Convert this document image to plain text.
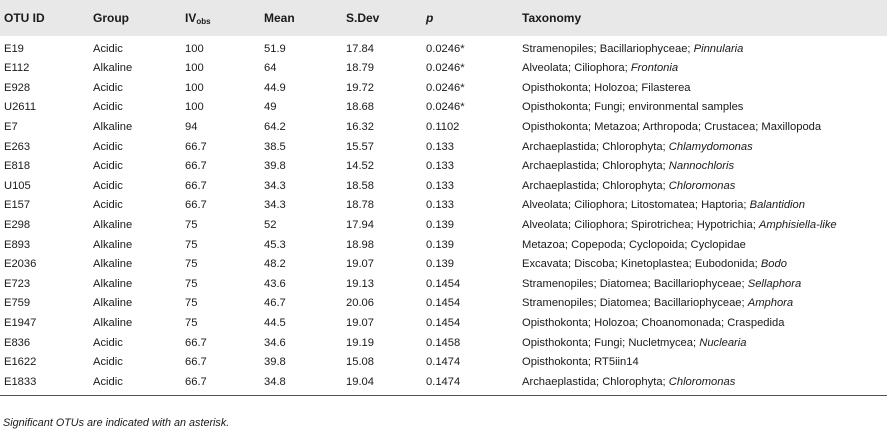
OTU ID	Group	$IV_{obs}$	Mean	S.Dev	p	Taxonomy
E19	Acidic	100	51.9	17.84	0.0246*	Stramenopiles; Bacillariophyceae; Pinnularia
E112	Alkaline	100	64	18.79	0.0246*	Alveolata; Ciliophora; Frontonia
E928	Acidic	100	44.9	19.72	0.0246*	Opisthokonta; Holozoa; Filasterea
U2611	Acidic	100	49	18.68	0.0246*	Opisthokonta; Fungi; environmental samples
E7	Alkaline	94	64.2	16.32	0.1102	Opisthokonta; Metazoa; Arthropoda; Crustacea; Maxillopoda
E263	Acidic	66.7	38.5	15.57	0.133	Archaeplastida; Chlorophyta; Chlamydomonas
E818	Acidic	66.7	39.8	14.52	0.133	Archaeplastida; Chlorophyta; Nannochloris
U105	Acidic	66.7	34.3	18.58	0.133	Archaeplastida; Chlorophyta; Chloromonas
E157	Acidic	66.7	34.3	18.78	0.133	Alveolata; Ciliophora; Litostomatea; Haptoria; Balantidion
E298	Alkaline	75	52	17.94	0.139	Alveolata; Ciliophora; Spirotrichea; Hypotrichia; Amphisiella-like
E893	Alkaline	75	45.3	18.98	0.139	Metazoa; Copepoda; Cyclopoida; Cyclopidae
E2036	Alkaline	75	48.2	19.07	0.139	Excavata; Discoba; Kinetoplastea; Eubodonida; Bodo
E723	Alkaline	75	43.6	19.13	0.1454	Stramenopiles; Diatomea; Bacillariophyceae; Sellaphora
E759	Alkaline	75	46.7	20.06	0.1454	Stramenopiles; Diatomea; Bacillariophyceae; Amphora
E1947	Alkaline	75	44.5	19.07	0.1454	Opisthokonta; Holozoa; Choanomonada; Craspedida
E836	Acidic	66.7	34.6	19.19	0.1458	Opisthokonta; Fungi; Nucletmycea; Nuclearia
E1622	Acidic	66.7	39.8	15.08	0.1474	Opisthokonta; RT5iin14
E1833	Acidic	66.7	34.8	19.04	0.1474	Archaeplastida; Chlorophyta; Chloromonas
Significant OTUs are indicated with an asterisk.
